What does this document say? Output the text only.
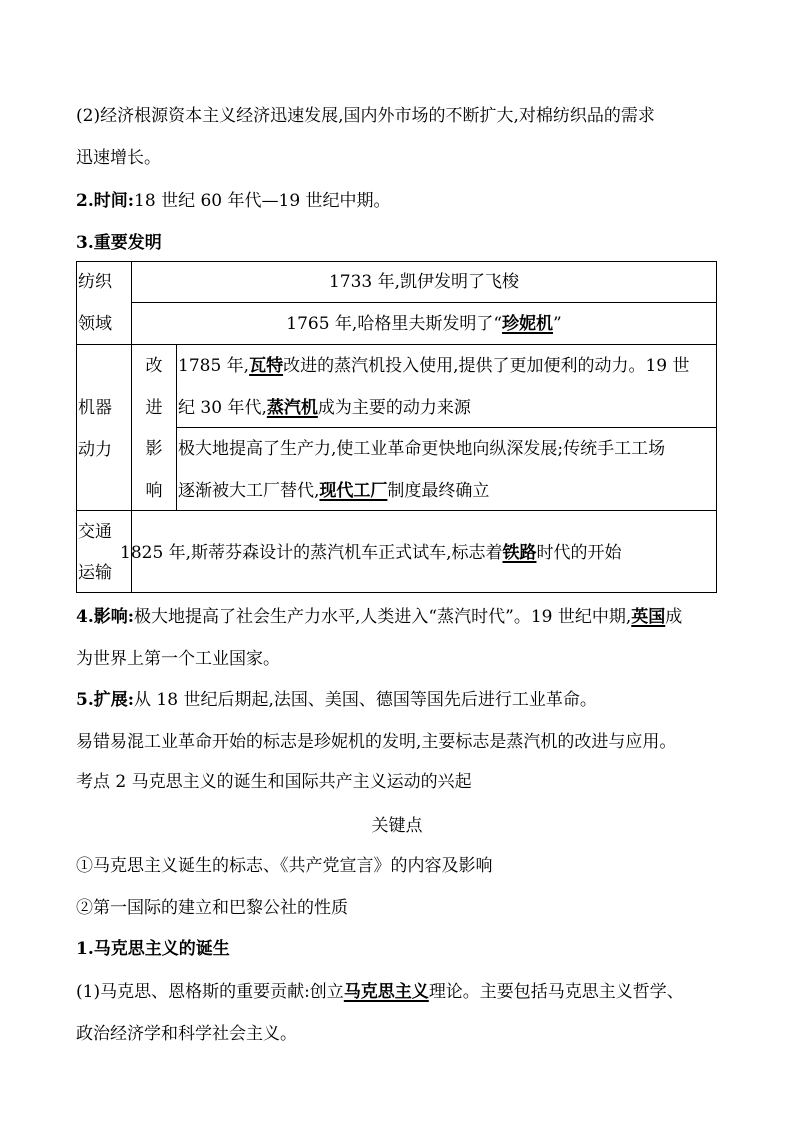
(2)经济根源资本主义经济迅速发展,国内外市场的不断扩大,对棉纺织品的需求
迅速增长。
2.时间:18 世纪 60 年代—19 世纪中期。
3.重要发明
纺织
领域
1733 年,凯伊发明了飞梭
1765 年,哈格里夫斯发明了“珍妮机”
机器
动力
改
进
1785 年,瓦特改进的蒸汽机投入使用,提供了更加便利的动力。19 世
纪 30 年代,蒸汽机成为主要的动力来源
影
响
极大地提高了生产力,使工业革命更快地向纵深发展;传统手工工场
逐渐被大工厂替代,现代工厂制度最终确立
交通
运输
1825 年,斯蒂芬森设计的蒸汽机车正式试车,标志着铁路时代的开始
4.影响:极大地提高了社会生产力水平,人类进入“蒸汽时代”。19 世纪中期,英国成
为世界上第一个工业国家。
5.扩展:从 18 世纪后期起,法国、美国、德国等国先后进行工业革命。
易错易混工业革命开始的标志是珍妮机的发明,主要标志是蒸汽机的改进与应用。
考点 2 马克思主义的诞生和国际共产主义运动的兴起
关键点
①马克思主义诞生的标志、《共产党宣言》的内容及影响
②第一国际的建立和巴黎公社的性质
1.马克思主义的诞生
(1)马克思、恩格斯的重要贡献:创立马克思主义理论。主要包括马克思主义哲学、
政治经济学和科学社会主义。
